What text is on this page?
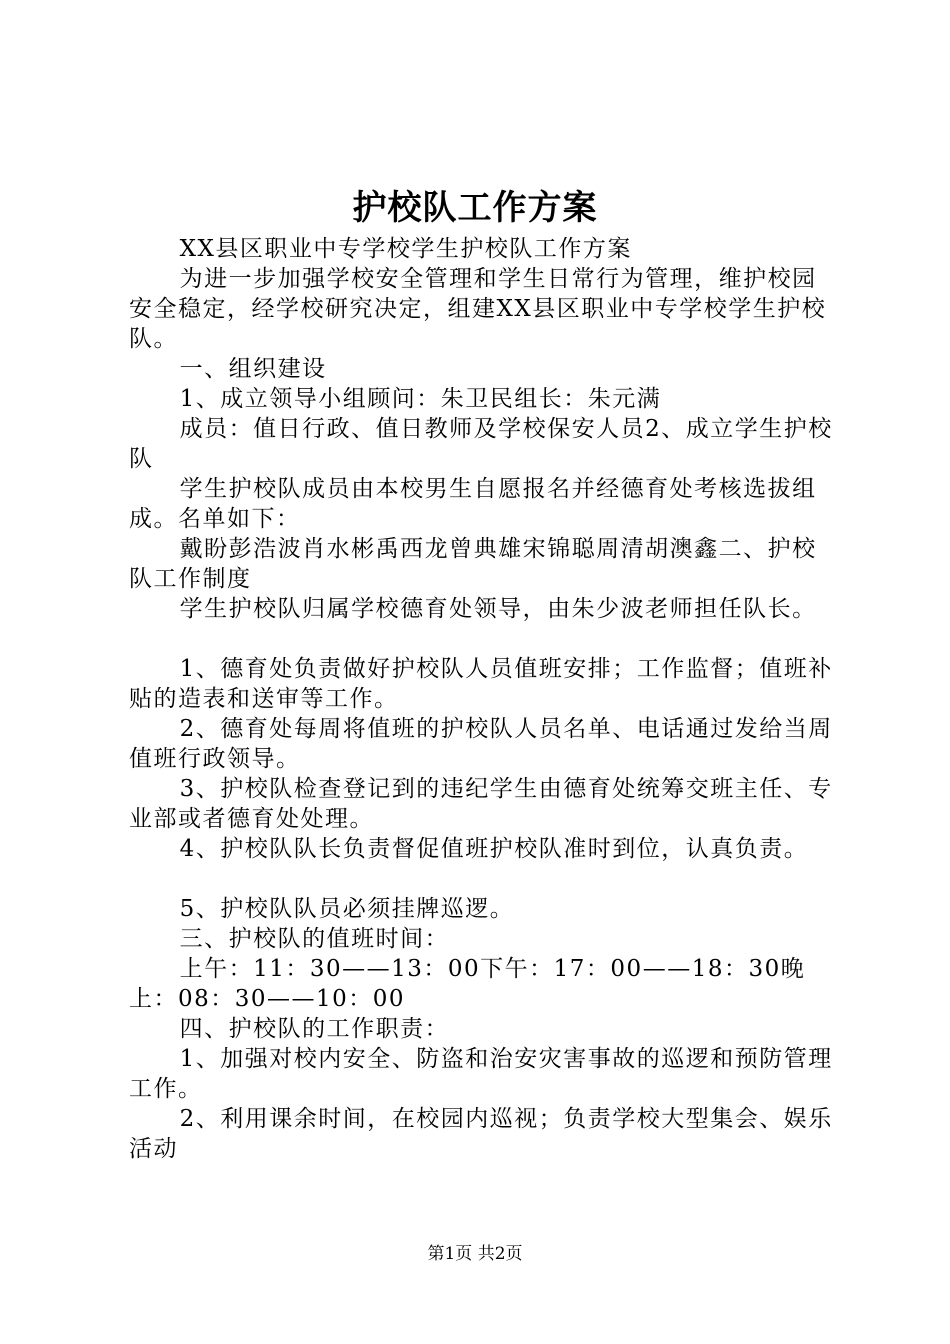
护校队工作方案

XX县区职业中专学校学生护校队工作方案

为进一步加强学校安全管理和学生日常行为管理，维护校园安全稳定，经学校研究决定，组建XX县区职业中专学校学生护校队。

一、组织建设

1、成立领导小组顾问：朱卫民组长：朱元满

成员：值日行政、值日教师及学校保安人员2、成立学生护校队

学生护校队成员由本校男生自愿报名并经德育处考核选拔组成。名单如下：

戴盼彭浩波肖水彬禹西龙曾典雄宋锦聪周清胡澳鑫二、护校队工作制度

学生护校队归属学校德育处领导，由朱少波老师担任队长。

1、德育处负责做好护校队人员值班安排；工作监督；值班补贴的造表和送审等工作。

2、德育处每周将值班的护校队人员名单、电话通过发给当周值班行政领导。

3、护校队检查登记到的违纪学生由德育处统筹交班主任、专业部或者德育处处理。

4、护校队队长负责督促值班护校队准时到位，认真负责。

5、护校队队员必须挂牌巡逻。

三、护校队的值班时间：

上午：11：30——13：00下午：17：00——18：30晚上：08：30——10：00

四、护校队的工作职责：

1、加强对校内安全、防盗和治安灾害事故的巡逻和预防管理工作。

2、利用课余时间，在校园内巡视；负责学校大型集会、娱乐活动

第1页 共2页
